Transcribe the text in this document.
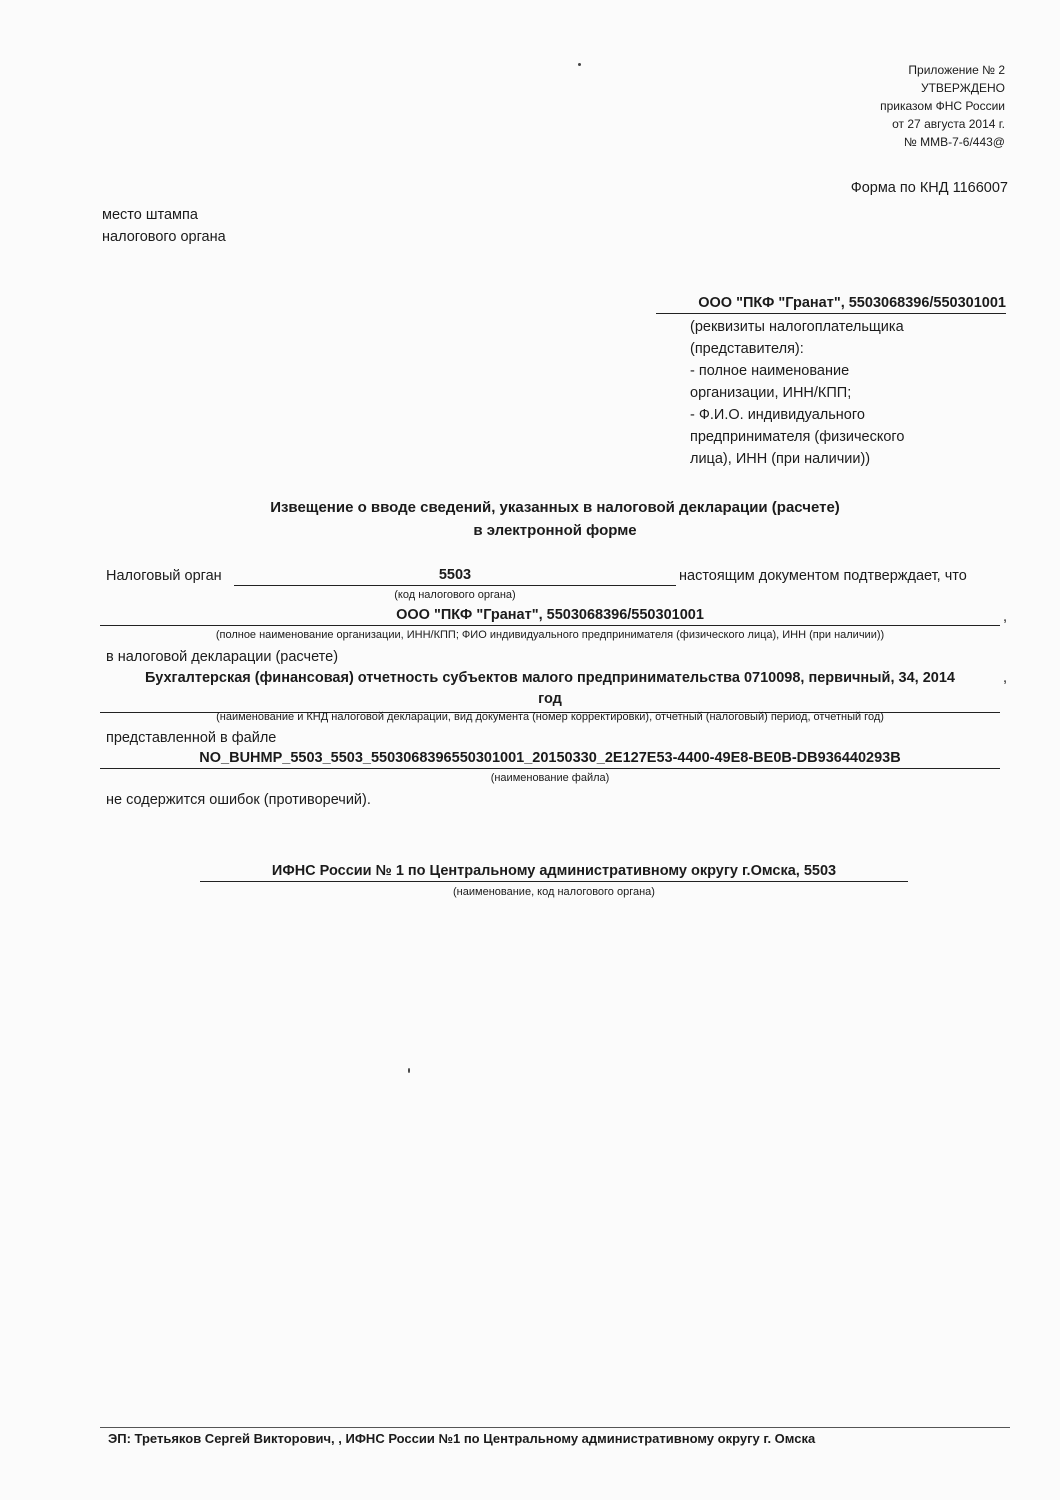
Приложение № 2
УТВЕРЖДЕНО
приказом ФНС России
от 27 августа 2014 г.
№ ММВ-7-6/443@
Форма по КНД 1166007
место штампа
налогового органа
ООО "ПКФ "Гранат", 5503068396/550301001
(реквизиты налогоплательщика
(представителя):
- полное наименование
организации, ИНН/КПП;
- Ф.И.О. индивидуального
предпринимателя (физического
лица), ИНН (при наличии))
Извещение о вводе сведений, указанных в налоговой декларации (расчете)
в электронной форме
Налоговый орган	5503	настоящим документом подтверждает, что
(код налогового органа)
ООО "ПКФ "Гранат", 5503068396/550301001	,
(полное наименование организации, ИНН/КПП; ФИО индивидуального предпринимателя (физического лица), ИНН (при наличии))
в налоговой декларации (расчете)
Бухгалтерская (финансовая) отчетность субъектов малого предпринимательства 0710098, первичный, 34, 2014
год
,
(наименование и КНД налоговой декларации, вид документа (номер корректировки), отчетный (налоговый) период, отчетный год)
представленной в файле
NO_BUHMP_5503_5503_5503068396550301001_20150330_2E127E53-4400-49E8-BE0B-DB936440293B
(наименование файла)
не содержится ошибок (противоречий).
ИФНС России № 1 по Центральному административному округу г.Омска, 5503
(наименование, код налогового органа)
ЭП: Третьяков Сергей Викторович, , ИФНС России №1 по Центральному административному округу г. Омска
